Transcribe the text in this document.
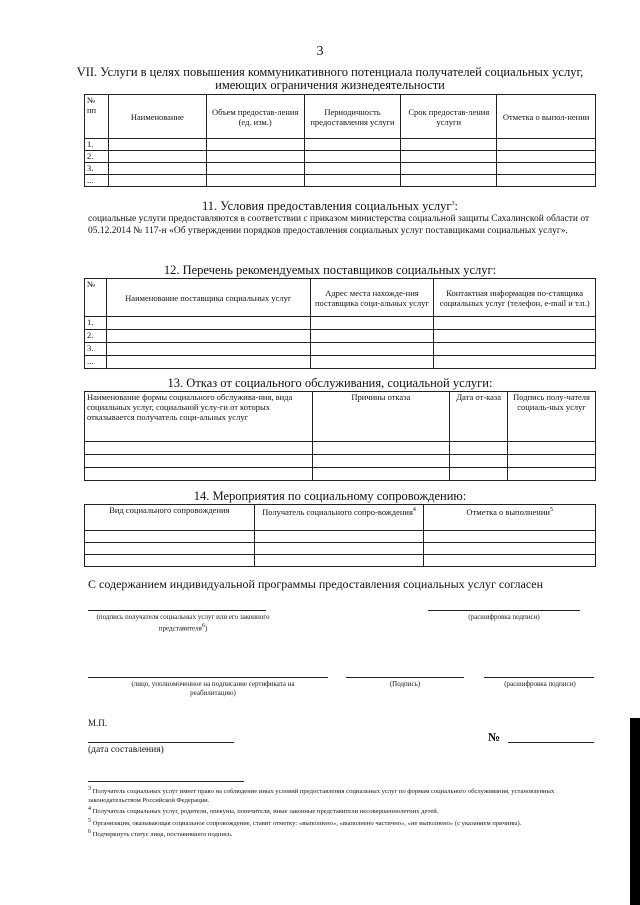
3
VII. Услуги в целях повышения коммуникативного потенциала получателей социальных услуг, имеющих ограничения жизнедеятельности
№ пп	Наименование	Объем предостав-ления (ед. изм.)	Периодичность предоставления услуги	Срок предостав-ления услуги	Отметка о выпол-нении
1.					
2.					
3.					
...					
11. Условия предоставления социальных услуг$^3$:
социальные услуги предоставляются в соответствии с приказом министерства социальной защиты Сахалинской области от 05.12.2014 № 117-н «Об утверждении порядков предоставления социальных услуг поставщиками социальных услуг».
12. Перечень рекомендуемых поставщиков социальных услуг:
№	Наименование поставщика социальных услуг	Адрес места нахожде-ния поставщика соци-альных услуг	Контактная информация по-ставщика социальных услуг (телефон, e-mail и т.п.)
1.			
2.			
3.			
...			
13. Отказ от социального обслуживания, социальной услуги:
Наименование формы социального обслужива-ния, вида социальных услуг, социальной услу-ги от которых отказывается получатель соци-альных услуг	Причины отказа	Дата от-каза	Подпись полу-чателя социаль-ных услуг

14. Мероприятия по социальному сопровождению:
Вид социального сопровождения	Получатель социального сопро-вождения$^4$	Отметка о выполнении$^5$

С содержанием индивидуальной программы предоставления социальных услуг согласен
(подпись получателя социальных услуг или его законного представителя$^6$)
(расшифровка подписи)
(лицо, уполномоченное на подписание сертификата на реабилитацию)
(Подпись)	(расшифровка подписи)
М.П.
№
(дата составления)
$^3$ Получатель социальных услуг имеет право на соблюдение иных условий предоставления социальных услуг по формам социального обслуживания, установленных законодательством Российской Федерации.
$^4$ Получатель социальных услуг, родители, опекуны, попечители, иные законные представители несовершеннолетних детей.
$^5$ Организация, оказывающая социальное сопровождение, ставит отметку: «выполнено», «выполнено частично», «не выполнено» (с указанием причины).
$^6$ Подчеркнуть статус лица, поставившего подпись.
